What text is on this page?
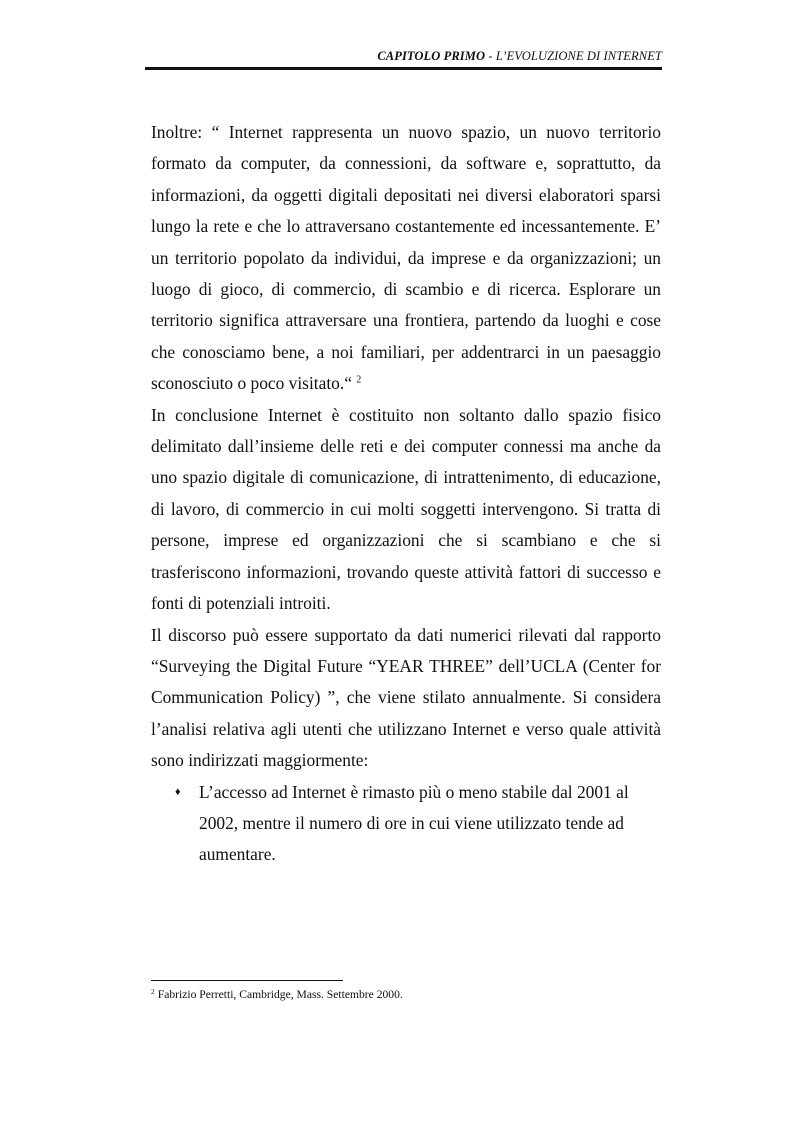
CAPITOLO PRIMO - L’EVOLUZIONE DI INTERNET

Inoltre: “ Internet rappresenta un nuovo spazio, un nuovo territorio formato da computer, da connessioni, da software e, soprattutto, da informazioni, da oggetti digitali depositati nei diversi elaboratori sparsi lungo la rete e che lo attraversano costantemente ed incessantemente. E’ un territorio popolato da individui, da imprese e da organizzazioni; un luogo di gioco, di commercio, di scambio e di ricerca. Esplorare un territorio significa attraversare una frontiera, partendo da luoghi e cose che conosciamo bene, a noi familiari, per addentrarci in un paesaggio sconosciuto o poco visitato.“ $^2$

In conclusione Internet è costituito non soltanto dallo spazio fisico delimitato dall’insieme delle reti e dei computer connessi ma anche da uno spazio digitale di comunicazione, di intrattenimento, di educazione, di lavoro, di commercio in cui molti soggetti intervengono. Si tratta di persone, imprese ed organizzazioni che si scambiano e che si trasferiscono informazioni, trovando queste attività fattori di successo e fonti di potenziali introiti.

Il discorso può essere supportato da dati numerici rilevati dal rapporto “Surveying the Digital Future “YEAR THREE” dell’UCLA (Center for Communication Policy) ”, che viene stilato annualmente. Si considera l’analisi relativa agli utenti che utilizzano Internet e verso quale attività sono indirizzati maggiormente:

♦ L’accesso ad Internet è rimasto più o meno stabile dal 2001 al 2002, mentre il numero di ore in cui viene utilizzato tende ad aumentare.
$^2$ Fabrizio Perretti, Cambridge, Mass. Settembre 2000.
